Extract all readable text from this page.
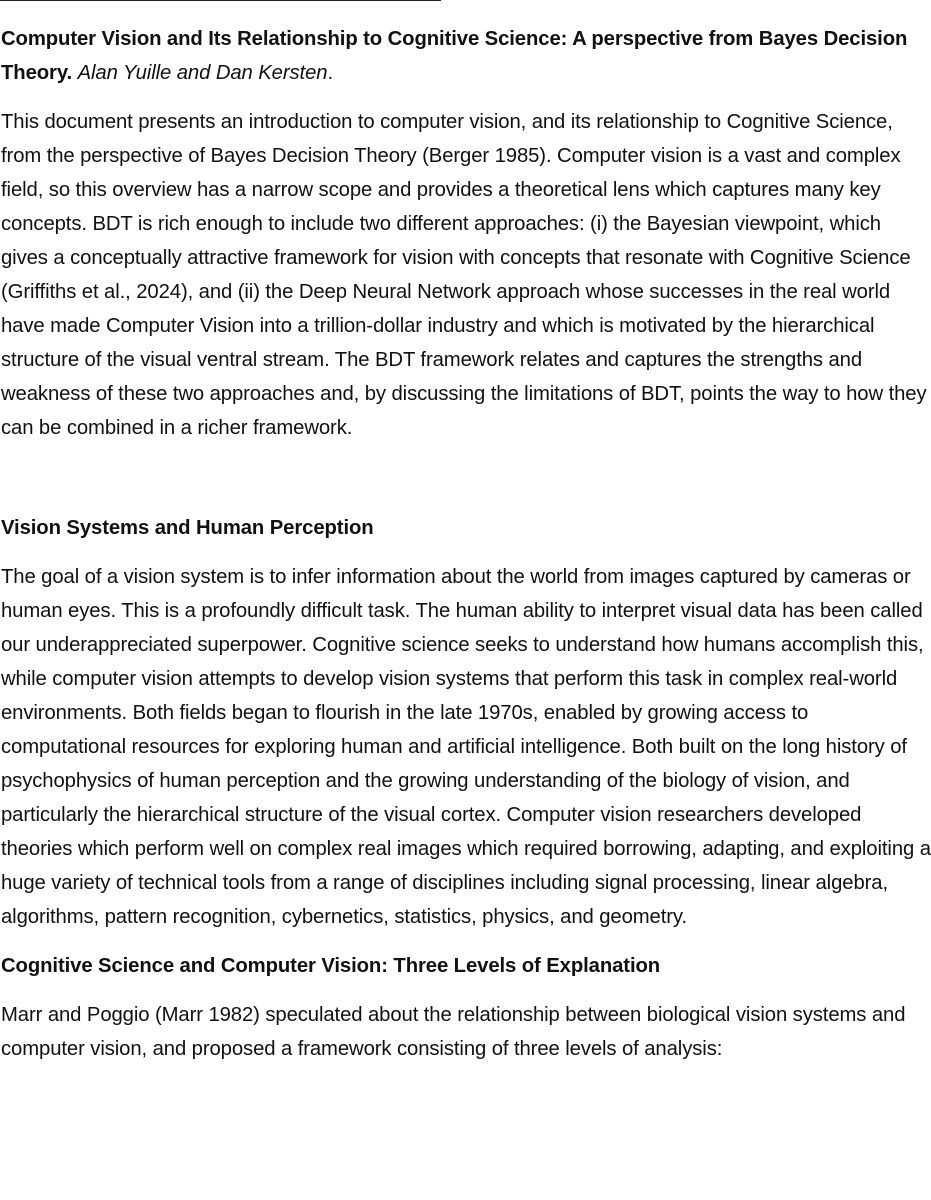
Computer Vision and Its Relationship to Cognitive Science: A perspective from Bayes Decision Theory. Alan Yuille and Dan Kersten.

This document presents an introduction to computer vision, and its relationship to Cognitive Science, from the perspective of Bayes Decision Theory (Berger 1985). Computer vision is a vast and complex field, so this overview has a narrow scope and provides a theoretical lens which captures many key concepts. BDT is rich enough to include two different approaches: (i) the Bayesian viewpoint, which gives a conceptually attractive framework for vision with concepts that resonate with Cognitive Science (Griffiths et al., 2024), and (ii) the Deep Neural Network approach whose successes in the real world have made Computer Vision into a trillion-dollar industry and which is motivated by the hierarchical structure of the visual ventral stream. The BDT framework relates and captures the strengths and weakness of these two approaches and, by discussing the limitations of BDT, points the way to how they can be combined in a richer framework.

Vision Systems and Human Perception

The goal of a vision system is to infer information about the world from images captured by cameras or human eyes. This is a profoundly difficult task. The human ability to interpret visual data has been called our underappreciated superpower. Cognitive science seeks to understand how humans accomplish this, while computer vision attempts to develop vision systems that perform this task in complex real-world environments. Both fields began to flourish in the late 1970s, enabled by growing access to computational resources for exploring human and artificial intelligence. Both built on the long history of psychophysics of human perception and the growing understanding of the biology of vision, and particularly the hierarchical structure of the visual cortex. Computer vision researchers developed theories which perform well on complex real images which required borrowing, adapting, and exploiting a huge variety of technical tools from a range of disciplines including signal processing, linear algebra, algorithms, pattern recognition, cybernetics, statistics, physics, and geometry.

Cognitive Science and Computer Vision: Three Levels of Explanation

Marr and Poggio (Marr 1982) speculated about the relationship between biological vision systems and computer vision, and proposed a framework consisting of three levels of analysis:
